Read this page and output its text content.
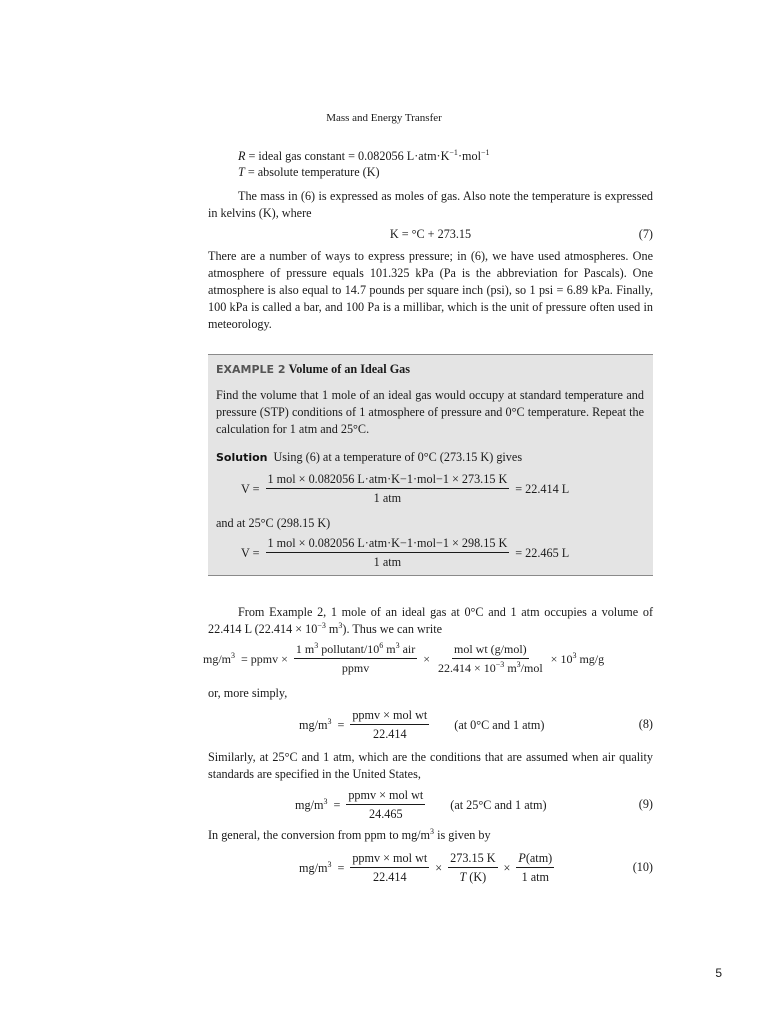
Mass and Energy Transfer
R = ideal gas constant = 0.082056 $L\cdot atm\cdot K^{-1}\cdot mol^{-1}$
T = absolute temperature (K)
The mass in (6) is expressed as moles of gas. Also note the temperature is expressed in kelvins (K), where
K = °C + 273.15	(7)
There are a number of ways to express pressure; in (6), we have used atmospheres. One atmosphere of pressure equals 101.325 kPa (Pa is the abbreviation for Pascals). One atmosphere is also equal to 14.7 pounds per square inch (psi), so 1 psi = 6.89 kPa. Finally, 100 kPa is called a bar, and 100 Pa is a millibar, which is the unit of pressure often used in meteorology.
EXAMPLE 2 Volume of an Ideal Gas
Find the volume that 1 mole of an ideal gas would occupy at standard temperature and pressure (STP) conditions of 1 atmosphere of pressure and 0°C temperature. Repeat the calculation for 1 atm and 25°C.
Solution Using (6) at a temperature of 0°C (273.15 K) gives
$V = \frac{\text{1 mol × 0.082056 L·atm·K−1·mol−1 × 273.15 K}}{\text{1 atm}} = 22.414$ L
and at 25°C (298.15 K)
$V = \frac{\text{1 mol × 0.082056 L·atm·K−1·mol−1 × 298.15 K}}{\text{1 atm}} = 22.465$ L
From Example 2, 1 mole of an ideal gas at 0°C and 1 atm occupies a volume of 22.414 L ($22.414 \times 10^{-3}$ $m^3$). Thus we can write
$mg/m^3$ = ppmv × $\frac{1 m^3 pollutant/10^6 m^3 air}{\text{ppmv}} \times \frac{\text{mol wt (g/mol)}}{22.414 \times 10^{-3} m^3/mol} \times 10^3$ mg/g
or, more simply,
$mg/m^3 = \frac{\text{ppmv × mol wt}}{22.414} (at$ 0°C and 1 atm)	(8)
Similarly, at 25°C and 1 atm, which are the conditions that are assumed when air quality standards are specified in the United States,
$mg/m^3 = \frac{\text{ppmv × mol wt}}{24.465} (at$ 25°C and 1 atm)	(9)
In general, the conversion from ppm to $mg/m^3$ is given by
$mg/m^3 = \frac{\text{ppmv × mol wt}}{22.414} \times \frac{273.15 K}{T (K)} \times \frac{\text{P(atm)}}{\text{1 atm}}$	(10)
5
